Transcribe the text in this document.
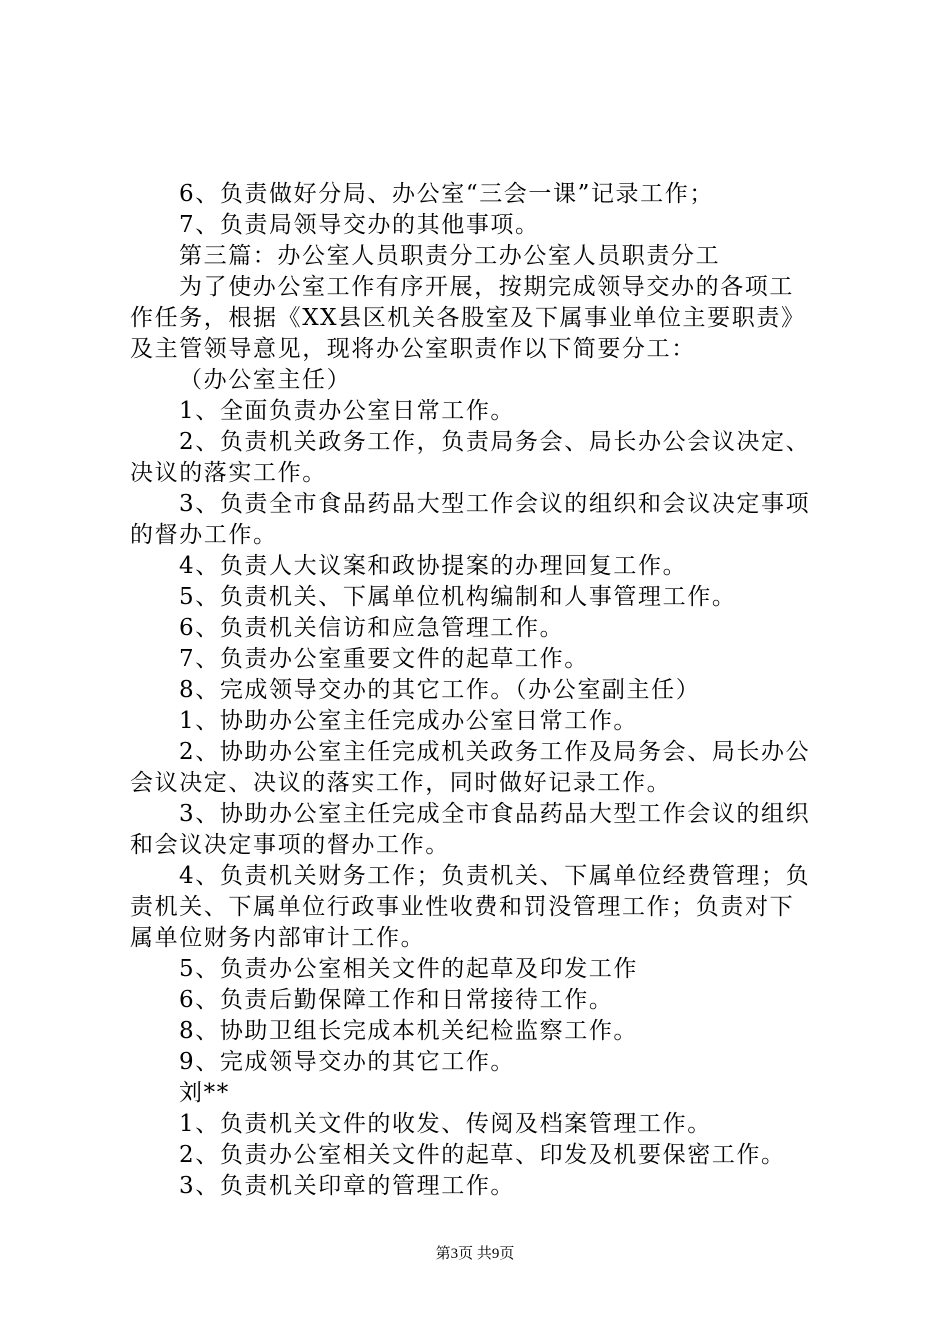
6、负责做好分局、办公室“三会一课”记录工作；
7、负责局领导交办的其他事项。
第三篇：办公室人员职责分工办公室人员职责分工
为了使办公室工作有序开展，按期完成领导交办的各项工
作任务，根据《XX县区机关各股室及下属事业单位主要职责》
及主管领导意见，现将办公室职责作以下简要分工：
（办公室主任）
1、全面负责办公室日常工作。
2、负责机关政务工作，负责局务会、局长办公会议决定、
决议的落实工作。
3、负责全市食品药品大型工作会议的组织和会议决定事项
的督办工作。
4、负责人大议案和政协提案的办理回复工作。
5、负责机关、下属单位机构编制和人事管理工作。
6、负责机关信访和应急管理工作。
7、负责办公室重要文件的起草工作。
8、完成领导交办的其它工作。（办公室副主任）
1、协助办公室主任完成办公室日常工作。
2、协助办公室主任完成机关政务工作及局务会、局长办公
会议决定、决议的落实工作，同时做好记录工作。
3、协助办公室主任完成全市食品药品大型工作会议的组织
和会议决定事项的督办工作。
4、负责机关财务工作；负责机关、下属单位经费管理；负
责机关、下属单位行政事业性收费和罚没管理工作；负责对下
属单位财务内部审计工作。
5、负责办公室相关文件的起草及印发工作
6、负责后勤保障工作和日常接待工作。
8、协助卫组长完成本机关纪检监察工作。
9、完成领导交办的其它工作。
刘**
1、负责机关文件的收发、传阅及档案管理工作。
2、负责办公室相关文件的起草、印发及机要保密工作。
3、负责机关印章的管理工作。
第3页 共9页
